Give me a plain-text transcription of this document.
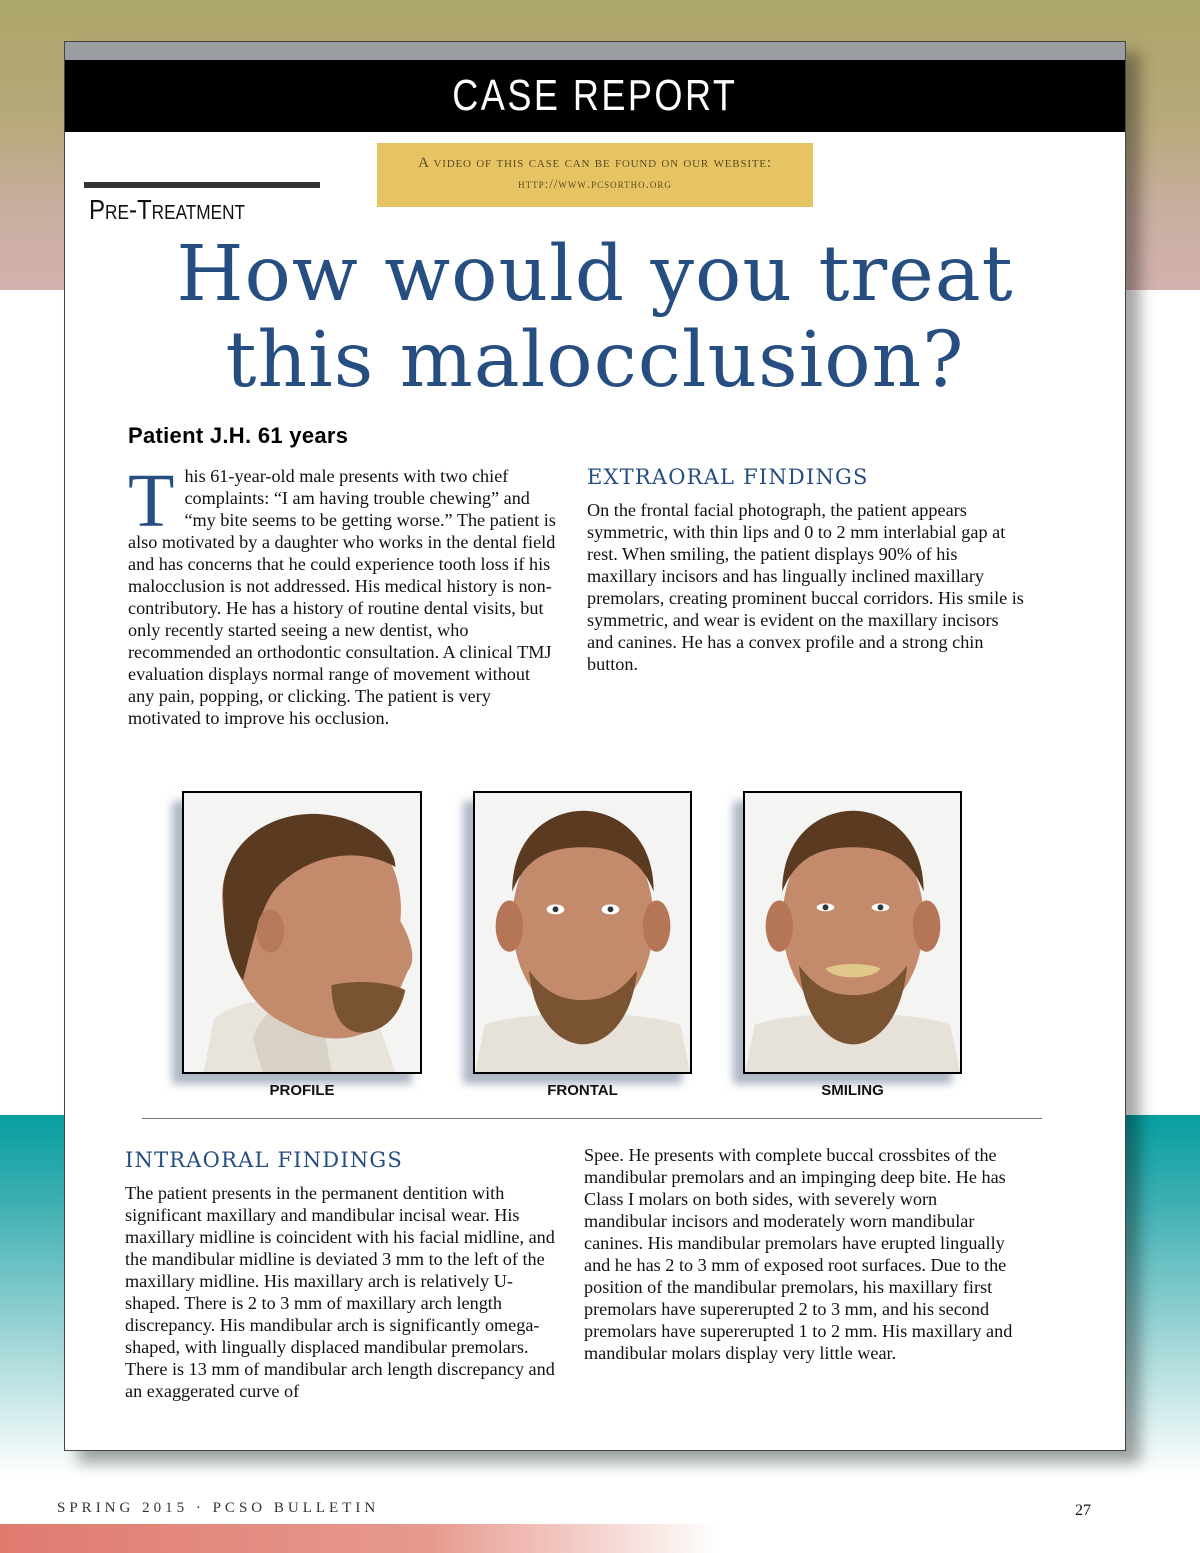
CASE REPORT
A video of this case can be found on our website:
http://www.pcsortho.org
Pre-Treatment
How would you treat
this malocclusion?
Patient J.H. 61 years
This 61-year-old male presents with two chief complaints: “I am having trouble chewing” and “my bite seems to be getting worse.” The patient is also motivated by a daughter who works in the dental field and has concerns that he could experience tooth loss if his malocclusion is not addressed. His medical history is non-contributory. He has a history of routine dental visits, but only recently started seeing a new dentist, who recommended an orthodontic consultation. A clinical TMJ evaluation displays normal range of movement without any pain, popping, or clicking. The patient is very motivated to improve his occlusion.
EXTRAORAL FINDINGS
On the frontal facial photograph, the patient appears symmetric, with thin lips and 0 to 2 mm interlabial gap at rest. When smiling, the patient displays 90% of his maxillary incisors and has lingually inclined maxillary premolars, creating prominent buccal corridors. His smile is symmetric, and wear is evident on the maxillary incisors and canines. He has a convex profile and a strong chin button.
PROFILE	FRONTAL	SMILING
INTRAORAL FINDINGS
The patient presents in the permanent dentition with significant maxillary and mandibular incisal wear. His maxillary midline is coincident with his facial midline, and the mandibular midline is deviated 3 mm to the left of the maxillary midline. His maxillary arch is relatively U-shaped. There is 2 to 3 mm of maxillary arch length discrepancy. His mandibular arch is significantly omega-shaped, with lingually displaced mandibular premolars. There is 13 mm of mandibular arch length discrepancy and an exaggerated curve of
Spee. He presents with complete buccal crossbites of the mandibular premolars and an impinging deep bite. He has Class I molars on both sides, with severely worn mandibular incisors and moderately worn mandibular canines. His mandibular premolars have erupted lingually and he has 2 to 3 mm of exposed root surfaces. Due to the position of the mandibular premolars, his maxillary first premolars have supererupted 2 to 3 mm, and his second premolars have supererupted 1 to 2 mm. His maxillary and mandibular molars display very little wear.
SPRING 2015 · PCSO BULLETIN	27
